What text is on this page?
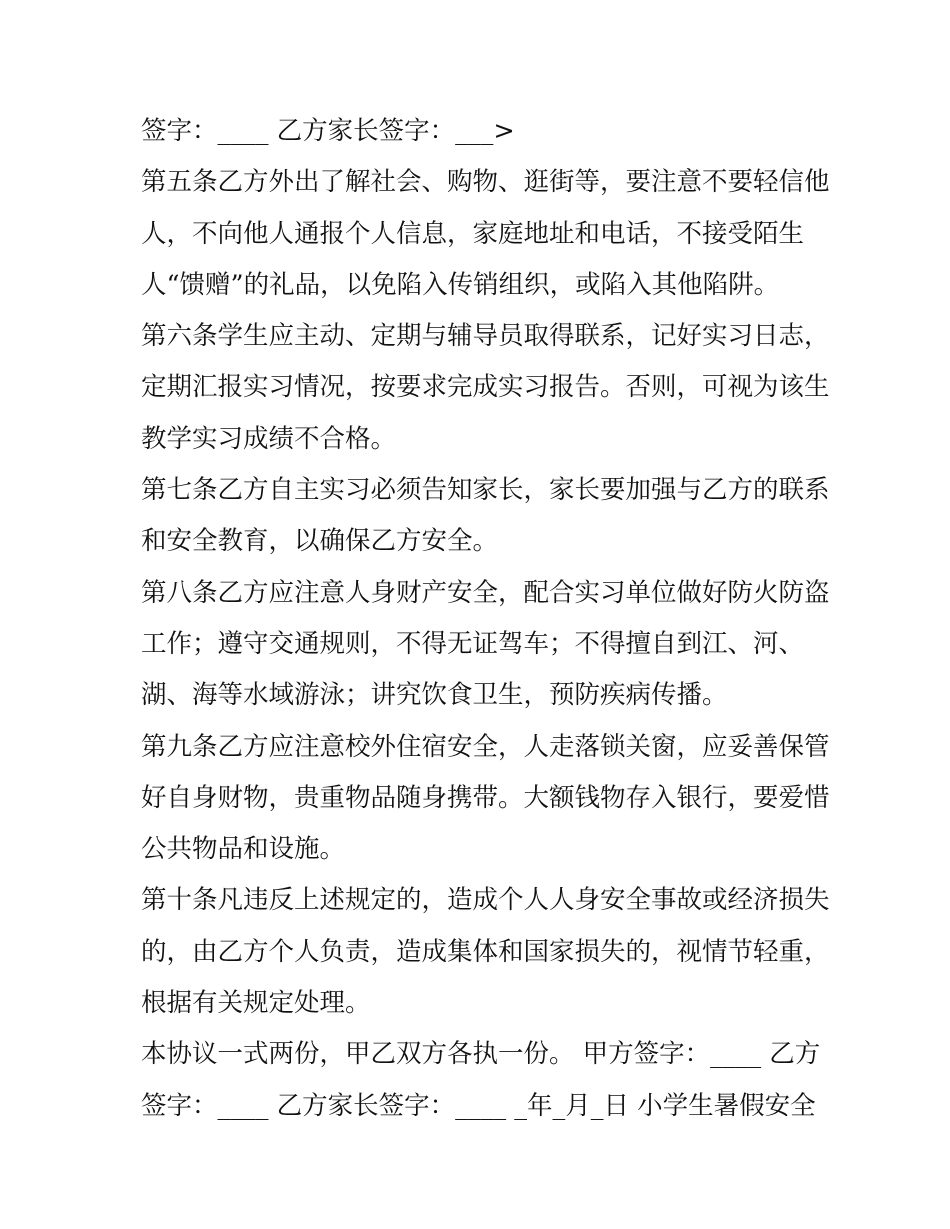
签字：____ 乙方家长签字：___>
第五条乙方外出了解社会、购物、逛街等，要注意不要轻信他
人，不向他人通报个人信息，家庭地址和电话，不接受陌生
人“馈赠”的礼品，以免陷入传销组织，或陷入其他陷阱。
第六条学生应主动、定期与辅导员取得联系，记好实习日志，
定期汇报实习情况，按要求完成实习报告。否则，可视为该生
教学实习成绩不合格。
第七条乙方自主实习必须告知家长，家长要加强与乙方的联系
和安全教育，以确保乙方安全。
第八条乙方应注意人身财产安全，配合实习单位做好防火防盗
工作；遵守交通规则，不得无证驾车；不得擅自到江、河、
湖、海等水域游泳；讲究饮食卫生，预防疾病传播。
第九条乙方应注意校外住宿安全，人走落锁关窗，应妥善保管
好自身财物，贵重物品随身携带。大额钱物存入银行，要爱惜
公共物品和设施。
第十条凡违反上述规定的，造成个人人身安全事故或经济损失
的，由乙方个人负责，造成集体和国家损失的，视情节轻重，
根据有关规定处理。
本协议一式两份，甲乙双方各执一份。 甲方签字：____ 乙方
签字：____ 乙方家长签字：____ _年_月_日 小学生暑假安全
